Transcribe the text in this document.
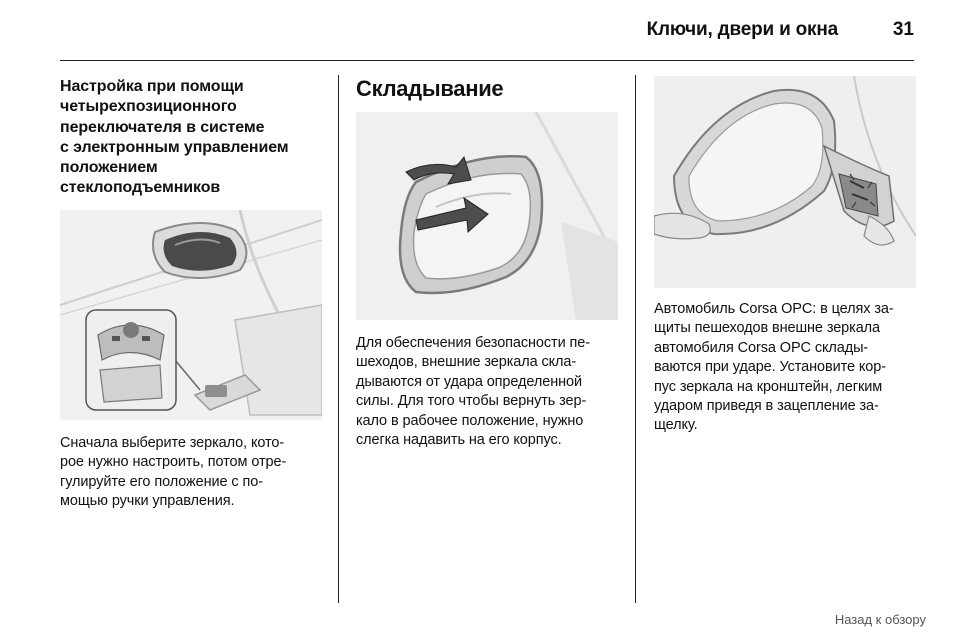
Ключи, двери и окна	31
Настройка при помощи
четырехпозиционного
переключателя в системе
с электронным управлением
положением
стеклоподъемников
Сначала выберите зеркало, кото-
рое нужно настроить, потом отре-
гулируйте его положение с по-
мощью ручки управления.
Складывание
Для обеспечения безопасности пе-
шеходов, внешние зеркала скла-
дываются от удара определенной
силы. Для того чтобы вернуть зер-
кало в рабочее положение, нужно
слегка надавить на его корпус.
Автомобиль Corsa OPC: в целях за-
щиты пешеходов внешне зеркала
автомобиля Corsa OPC склады-
ваются при ударе. Установите кор-
пус зеркала на кронштейн, легким
ударом приведя в зацепление за-
щелку.
Назад к обзору
